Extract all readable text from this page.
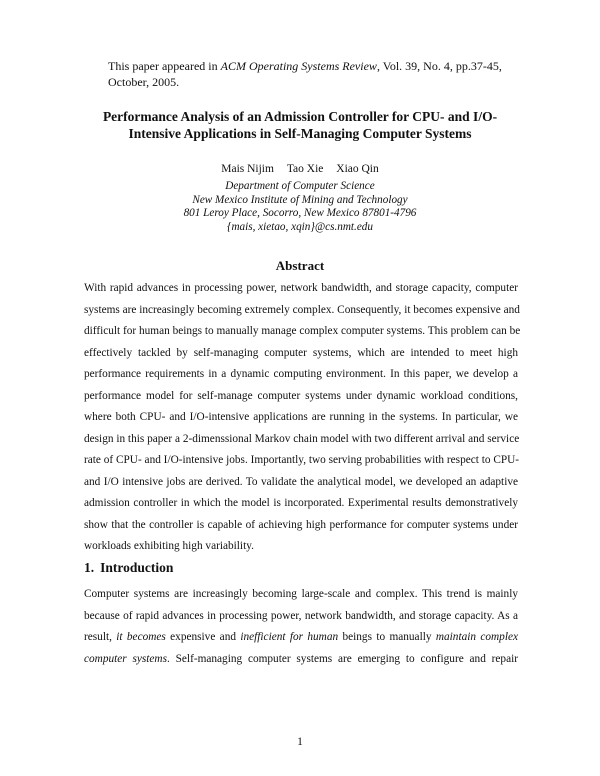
This paper appeared in ACM Operating Systems Review, Vol. 39, No. 4, pp.37-45, October, 2005.
Performance Analysis of an Admission Controller for CPU- and I/O-
Intensive Applications in Self-Managing Computer Systems
Mais Nijim Tao Xie Xiao Qin
Department of Computer Science
New Mexico Institute of Mining and Technology
801 Leroy Place, Socorro, New Mexico 87801-4796
{mais, xietao, xqin}@cs.nmt.edu
Abstract
With rapid advances in processing power, network bandwidth, and storage capacity, computer
systems are increasingly becoming extremely complex. Consequently, it becomes expensive and
difficult for human beings to manually manage complex computer systems. This problem can be
effectively tackled by self-managing computer systems, which are intended to meet high
performance requirements in a dynamic computing environment. In this paper, we develop a
performance model for self-manage computer systems under dynamic workload conditions,
where both CPU- and I/O-intensive applications are running in the systems. In particular, we
design in this paper a 2-dimenssional Markov chain model with two different arrival and service
rate of CPU- and I/O-intensive jobs. Importantly, two serving probabilities with respect to CPU-
and I/O intensive jobs are derived. To validate the analytical model, we developed an adaptive
admission controller in which the model is incorporated. Experimental results demonstratively
show that the controller is capable of achieving high performance for computer systems under
workloads exhibiting high variability.
1. Introduction
Computer systems are increasingly becoming large-scale and complex. This trend is mainly
because of rapid advances in processing power, network bandwidth, and storage capacity. As a
result, it becomes expensive and inefficient for human beings to manually maintain complex
computer systems. Self-managing computer systems are emerging to configure and repair
1
